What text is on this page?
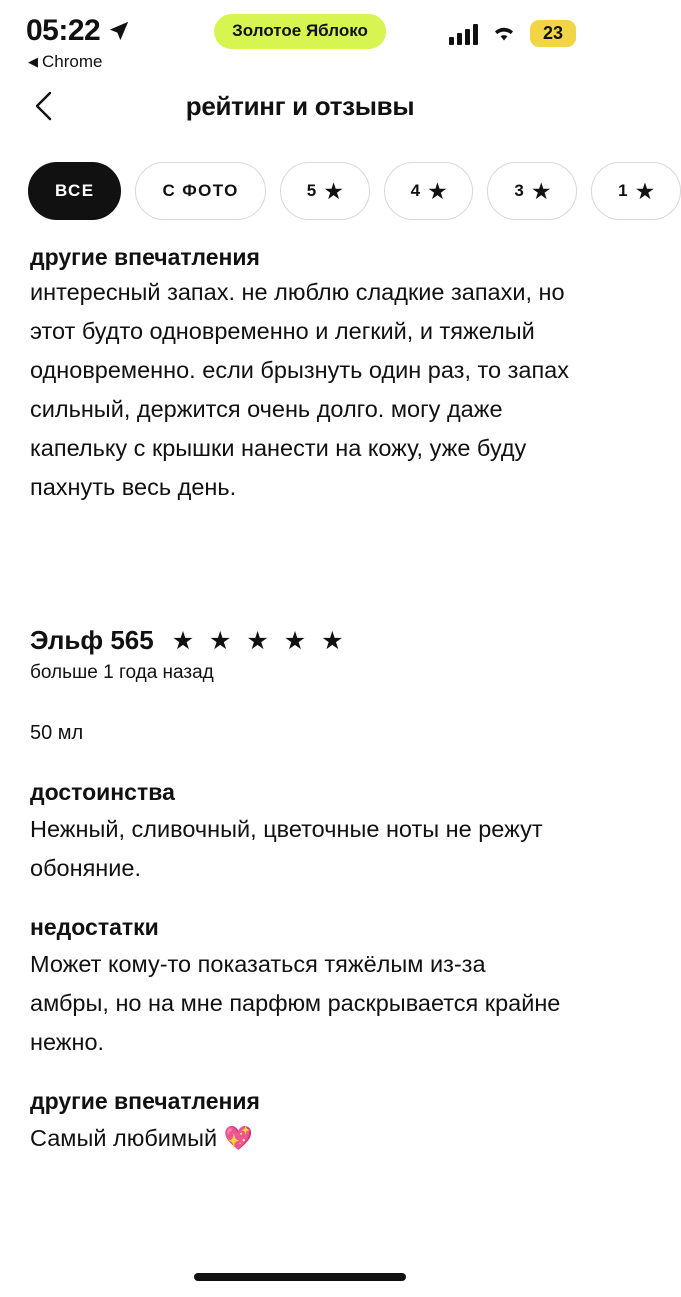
05:22
◀ Chrome
Золотое Яблоко	23
рейтинг и отзывы
ВСЕ	С ФОТО	5 ★	4 ★	3 ★	1 ★
другие впечатления
интересный запах. не люблю сладкие запахи, но этот будто одновременно и легкий, и тяжелый одновременно. если брызнуть один раз, то запах сильный, держится очень долго. могу даже капельку с крышки нанести на кожу, уже буду пахнуть весь день.
Эльф 565 ★ ★ ★ ★ ★
больше 1 года назад
50 мл
достоинства
Нежный, сливочный, цветочные ноты не режут обоняние.
недостатки
Может кому-то показаться тяжёлым из-за амбры, но на мне парфюм раскрывается крайне нежно.
другие впечатления
Самый любимый 💖
